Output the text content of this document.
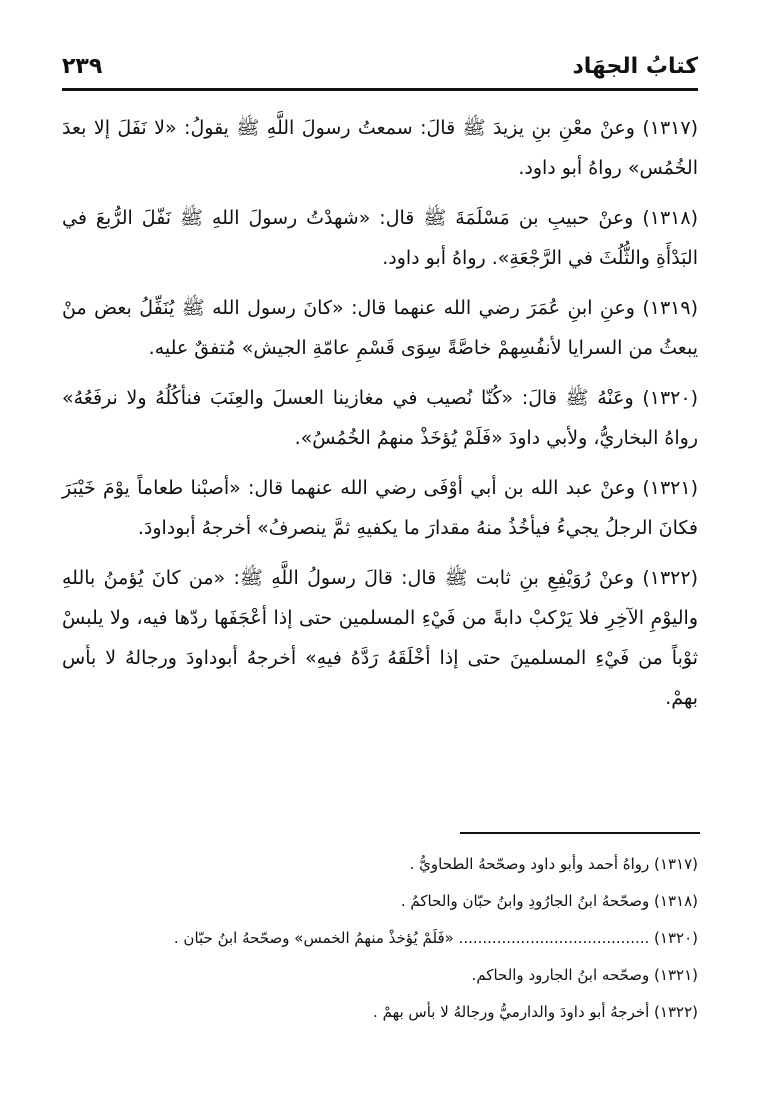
كتابُ الجهَاد
٢٣٩

(١٣١٧) وعنْ معْنِ بنِ يزيدَ ﷺ قالَ: سمعتُ رسولَ اللَّهِ ﷺ يقولُ: «لا نَفَلَ إلا بعدَ الخُمُس» رواهُ أبو داود.

(١٣١٨) وعنْ حبيبِ بن مَسْلَمَةَ ﷺ قال: «شهدْتُ رسولَ اللهِ ﷺ نَفّلَ الرُّبعَ في البَدْأَةِ والثُّلُثَ في الرَّجْعَةِ». رواهُ أبو داود.

(١٣١٩) وعنِ ابنِ عُمَرَ رضي الله عنهما قال: «كانَ رسول الله ﷺ يُنَفِّلُ بعض منْ يبعثُ من السرايا لأنفُسِهمْ خاصَّةً سِوَى قَسْمِ عامّةِ الجيش» مُتفقٌ عليه.

(١٣٢٠) وعَنْهُ ﷺ قالَ: «كُنّا نُصيب في مغازينا العسلَ والعِنَبَ فنأكُلُهُ ولا نرفَعُهُ» رواهُ البخاريُّ، ولأبي داودَ «فَلَمْ يُؤخَذْ منهمُ الخُمُسُ».

(١٣٢١) وعنْ عبد الله بن أبي أوْفَى رضي الله عنهما قال: «أصبْنا طعاماً يوْمَ خَيْبَرَ فكانَ الرجلُ يجيءُ فيأخُذُ منهُ مقدارَ ما يكفيهِ ثمَّ ينصرفُ» أخرجهُ أبوداودَ.

(١٣٢٢) وعنْ رُوَيْفِعِ بنِ ثابت ﷺ قال: قالَ رسولُ اللَّهِ ﷺ: «من كانَ يُؤمنُ باللهِ واليوْمِ الآخِرِ فلا يَرْكبْ دابةً من فَيْءِ المسلمين حتى إذا أعْجَفَها ردّها فيه، ولا يلبسْ ثوْباً من فَيْءِ المسلمينَ حتى إذا أخْلَقَهُ رَدَّهُ فيهِ» أخرجهُ أبوداودَ ورجالهُ لا بأس بهمْ.

(١٣١٧) رواهُ أحمد وأبو داود وصحّحهُ الطحاويُّ .
(١٣١٨) وصحّحهُ ابنُ الجارُودِ وابنُ حبّان والحاكمُ .
(١٣٢٠) ........................................ «فَلَمْ يُؤخذْ منهمُ الخمس» وصحّحهُ ابنُ حبّان .
(١٣٢١) وصحّحه ابنُ الجارود والحاكم.
(١٣٢٢) أخرجهُ أبو داودَ والدارميُّ ورجالهُ لا بأس بهمْ .
